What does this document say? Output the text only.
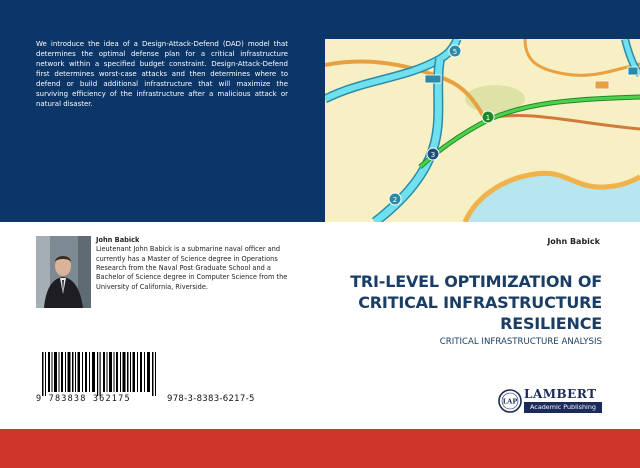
We introduce the idea of a Design-Attack-Defend (DAD) model that determines the optimal defense plan for a critical infrastructure network within a specified budget constraint. Design-Attack-Defend first determines worst-case attacks and then determines where to defend or build additional infrastructure that will maximize the surviving efficiency of the infrastructure after a malicious attack or natural disaster.

1
3
2
5
John Babick
Lieutenant John Babick is a submarine naval officer and currently has a Master of Science degree in Operations Research from the Naval Post Graduate School and a Bachelor of Science degree in Computer Science from the University of California, Riverside.
John Babick
TRI-LEVEL OPTIMIZATION OF
CRITICAL INFRASTRUCTURE
RESILIENCE
CRITICAL INFRASTRUCTURE ANALYSIS
9 783838 362175	978-3-8383-6217-5	LAP
LAMBERT
Academic Publishing
